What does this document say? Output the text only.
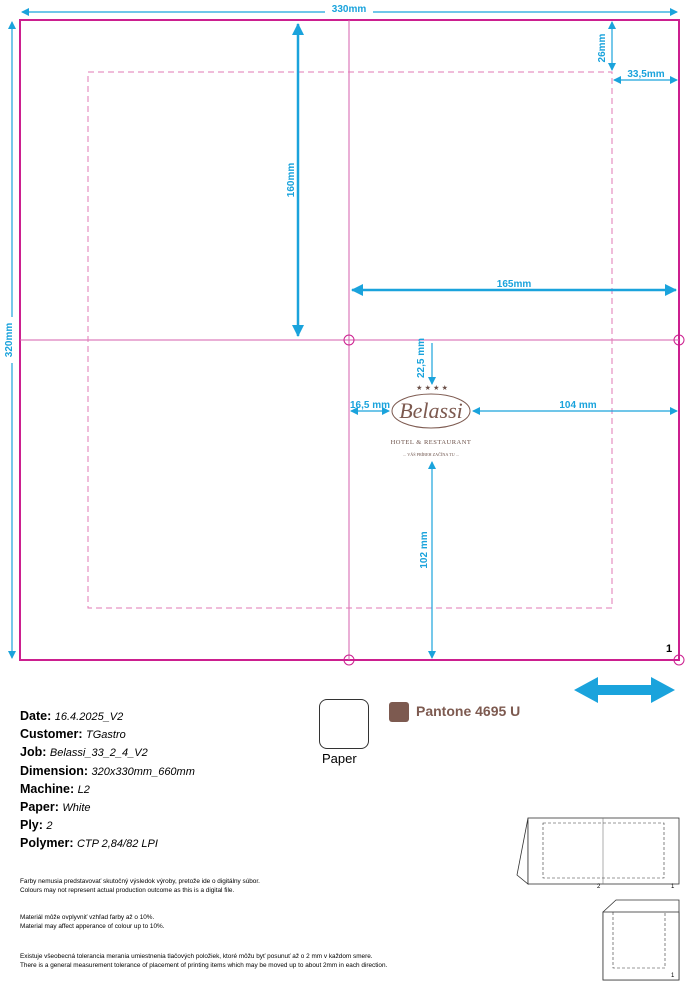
330mm
320mm
26mm
33,5mm
160mm
165mm
22,5 mm
16,5 mm	104 mm
102 mm
★ ★ ★ ★
Belassi
HOTEL & RESTAURANT
... VÁŠ PRÍBEH ZAČÍNA TU ...
1
2	1
1
Date: 16.4.2025_V2
Customer: TGastro
Job: Belassi_33_2_4_V2
Dimension: 320x330mm_660mm
Machine: L2
Paper: White
Ply: 2
Polymer: CTP 2,84/82 LPI
Paper
Pantone 4695 U
Farby nemusia predstavovať skutočný výsledok výroby, pretože ide o digitálny súbor.
Colours may not represent actual production outcome as this is a digital file.
Materiál môže ovplyvniť vzhľad farby až o 10%.
Material may affect apperance of colour up to 10%.
Existuje všeobecná tolerancia merania umiestnenia tlačových položiek, ktoré môžu byť posunuť až o 2 mm v každom smere.
There is a general measurement tolerance of placement of printing items which may be moved up to about 2mm in each direction.
